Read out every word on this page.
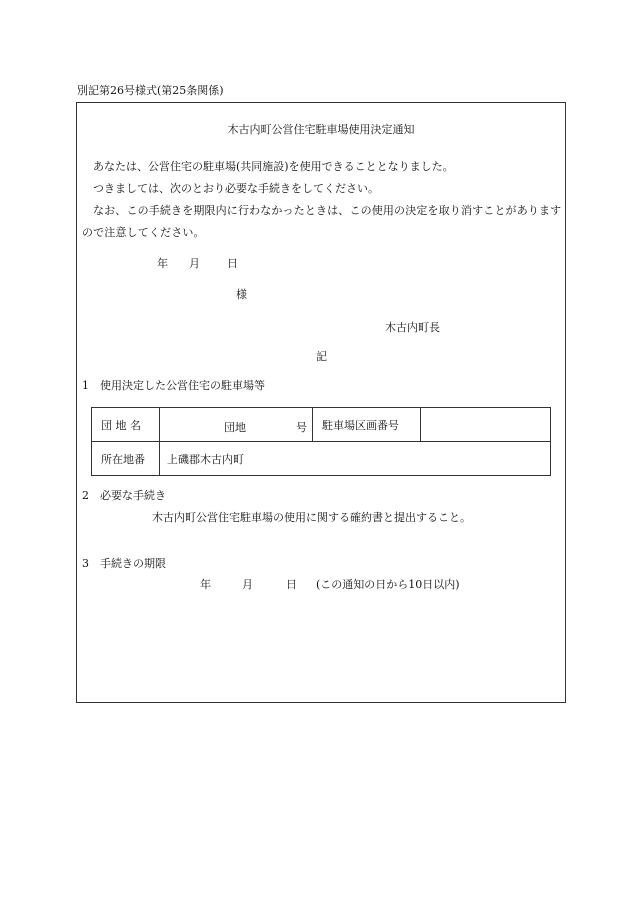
別記第26号様式(第25条関係)
木古内町公営住宅駐車場使用決定通知
あなたは、公営住宅の駐車場(共同施設)を使用できることとなりました。
つきましては、次のとおり必要な手続きをしてください。
なお、この手続きを期限内に行わなかったときは、この使用の決定を取り消すことがありますので注意してください。
年 月 日
様
木古内町長
記
1　使用決定した公営住宅の駐車場等
団 地 名	団地 号	駐車場区画番号	
所在地番	上磯郡木古内町		
2　必要な手続き
木古内町公営住宅駐車場の使用に関する確約書と提出すること。
3　手続きの期限
年	月	日 (この通知の日から10日以内)
